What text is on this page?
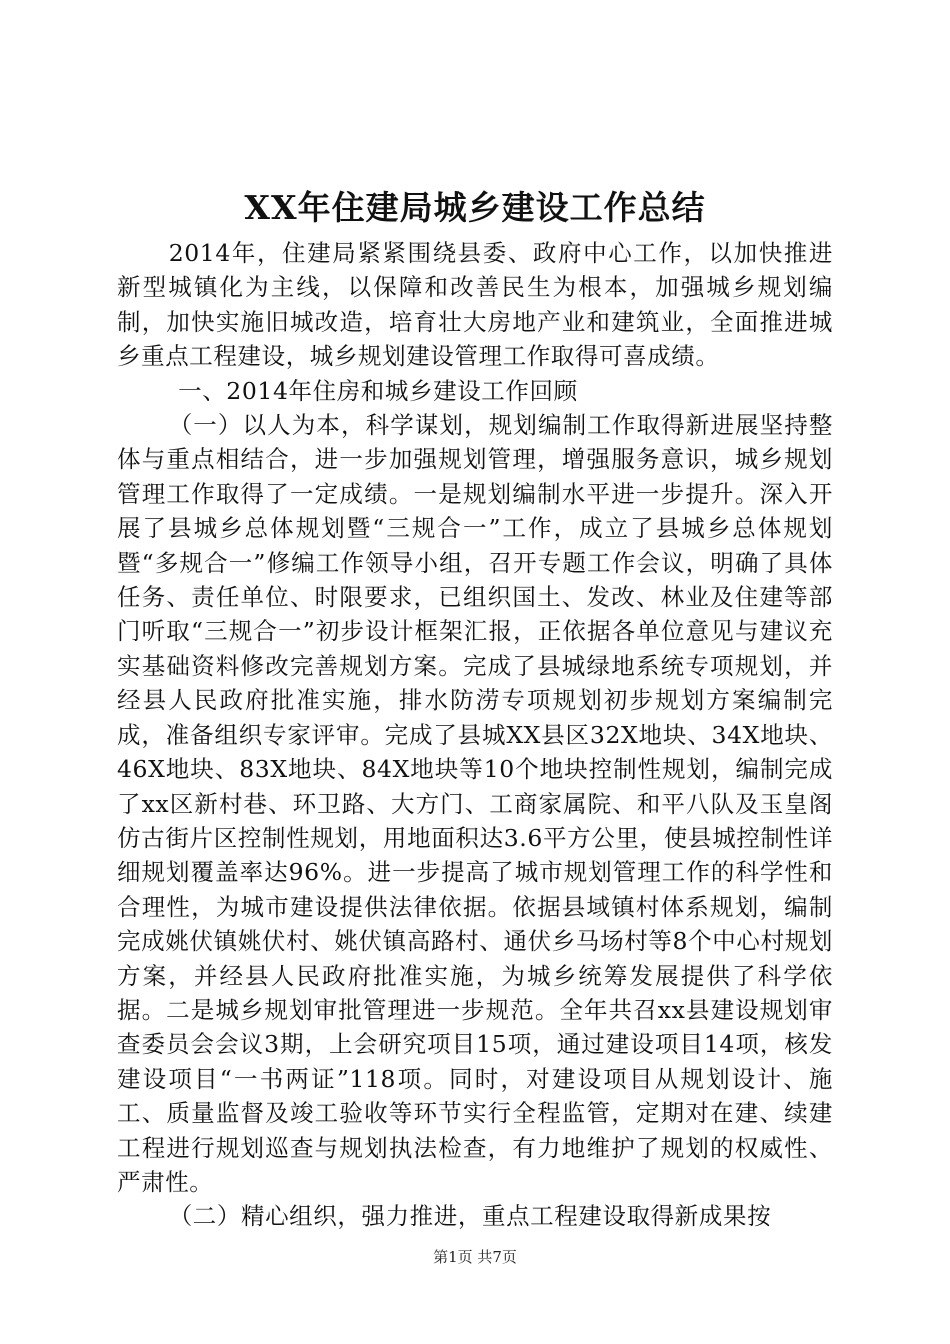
XX年住建局城乡建设工作总结

2014年，住建局紧紧围绕县委、政府中心工作，以加快推进新型城镇化为主线，以保障和改善民生为根本，加强城乡规划编制，加快实施旧城改造，培育壮大房地产业和建筑业，全面推进城乡重点工程建设，城乡规划建设管理工作取得可喜成绩。

一、2014年住房和城乡建设工作回顾

（一）以人为本，科学谋划，规划编制工作取得新进展坚持整体与重点相结合，进一步加强规划管理，增强服务意识，城乡规划管理工作取得了一定成绩。一是规划编制水平进一步提升。深入开展了县城乡总体规划暨“三规合一”工作，成立了县城乡总体规划暨“多规合一”修编工作领导小组，召开专题工作会议，明确了具体任务、责任单位、时限要求，已组织国土、发改、林业及住建等部门听取“三规合一”初步设计框架汇报，正依据各单位意见与建议充实基础资料修改完善规划方案。完成了县城绿地系统专项规划，并经县人民政府批准实施，排水防涝专项规划初步规划方案编制完成，准备组织专家评审。完成了县城XX县区32X地块、34X地块、46X地块、83X地块、84X地块等10个地块控制性规划，编制完成了xx区新村巷、环卫路、大方门、工商家属院、和平八队及玉皇阁仿古街片区控制性规划，用地面积达3.6平方公里，使县城控制性详细规划覆盖率达96%。进一步提高了城市规划管理工作的科学性和合理性，为城市建设提供法律依据。依据县域镇村体系规划，编制完成姚伏镇姚伏村、姚伏镇高路村、通伏乡马场村等8个中心村规划方案，并经县人民政府批准实施，为城乡统筹发展提供了科学依据。二是城乡规划审批管理进一步规范。全年共召xx县建设规划审查委员会会议3期，上会研究项目15项，通过建设项目14项，核发建设项目“一书两证”118项。同时，对建设项目从规划设计、施工、质量监督及竣工验收等环节实行全程监管，定期对在建、续建工程进行规划巡查与规划执法检查，有力地维护了规划的权威性、严肃性。

（二）精心组织，强力推进，重点工程建设取得新成果按

第1页 共7页
